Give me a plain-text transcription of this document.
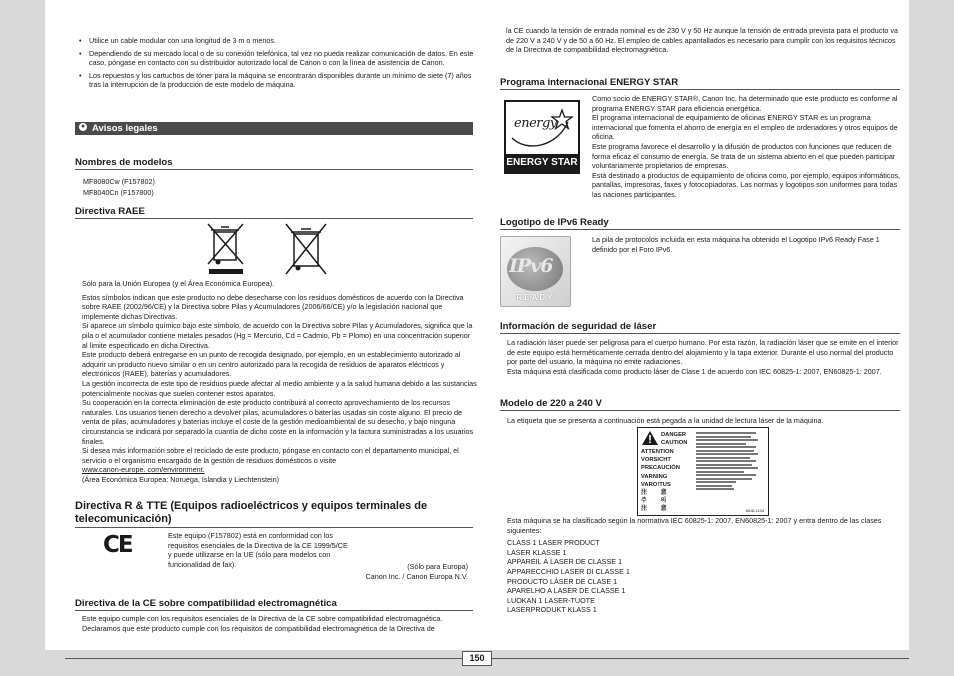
• Utilice un cable modular con una longitud de 3 m o menos.
• Dependiendo de su mercado local o de su conexión telefónica, tal vez no pueda realizar comunicación de datos. En este caso, póngase en contacto con su distribuidor autorizado local de Canon o con la línea de asistencia de Canon.
• Los repuestos y los cartuchos de tóner para la máquina se encontrarán disponibles durante un mínimo de siete (7) años tras la interrupción de la producción de este modelo de máquina.
● Avisos legales
Nombres de modelos
MF8080Cw (F157802)
MF8040Cn (F157800)
Directiva RAEE

Sólo para la Unión Europea (y el Área Económica Europea).

Estos símbolos indican que este producto no debe desecharse con los residuos domésticos de acuerdo con la Directiva sobre RAEE (2002/96/CE) y la Directiva sobre Pilas y Acumuladores (2006/66/CE) y/o la legislación nacional que implemente dichas Directivas.

Si aparece un símbolo químico bajo este símbolo, de acuerdo con la Directiva sobre Pilas y Acumuladores, significa que la pila o el acumulador contiene metales pesados (Hg = Mercurio, Cd = Cadmio, Pb = Plomo) en una concentración superior al límite especificado en dicha Directiva.

Este producto deberá entregarse en un punto de recogida designado, por ejemplo, en un establecimiento autorizado al adquirir un producto nuevo similar o en un centro autorizado para la recogida de residuos de aparatos eléctricos y electrónicos (RAEE), baterías y acumuladores.

La gestión incorrecta de este tipo de residuos puede afectar al medio ambiente y a la salud humana debido a las sustancias potencialmente nocivas que suelen contener estos aparatos.

Su cooperación en la correcta eliminación de este producto contribuirá al correcto aprovechamiento de los recursos naturales. Los usuarios tienen derecho a devolver pilas, acumuladores o baterías usadas sin coste alguno. El precio de venta de pilas, acumuladores y baterías incluye el coste de la gestión medioambiental de su desecho, y bajo ninguna circunstancia se indicará por separado la cuantía de dicho coste en la información y la factura suministradas a los usuarios finales.

Si desea más información sobre el reciclado de este producto, póngase en contacto con el departamento municipal, el servicio o el organismo encargado de la gestión de residuos domésticos o visite

www.canon-europe. com/environment.

(Área Económica Europea: Noruega, Islandia y Liechtenstein)

Directiva R & TTE (Equipos radioeléctricos y equipos terminales de telecomunicación)
CE	Este equipo (F157802) está en conformidad con los requisitos esenciales de la Directiva de la CE 1999/5/CE y puede utilizarse en la UE (sólo para modelos con funcionalidad de fax).	(Sólo para Europa)
Canon Inc. / Canon Europa N.V.
Directiva de la CE sobre compatibilidad electromagnética
Este equipo cumple con los requisitos esenciales de la Directiva de la CE sobre compatibilidad electromagnética. Declaramos que este producto cumple con los requisitos de compatibilidad electromagnética de la Directiva de
la CE cuando la tensión de entrada nominal es de 230 V y 50 Hz aunque la tensión de entrada prevista para el producto va de 220 V a 240 V y de 50 a 60 Hz. El empleo de cables apantallados es necesario para cumplir con los requisitos técnicos de la Directiva de compatibilidad electromagnética.
Programa internacional ENERGY STAR
energy
ENERGY STAR

Como socio de ENERGY STAR®, Canon Inc. ha determinado que este producto es conforme al programa ENERGY STAR para eficiencia energética.

El programa internacional de equipamiento de oficinas ENERGY STAR es un programa internacional que fomenta el ahorro de energía en el empleo de ordenadores y otros equipos de oficina.

Este programa favorece el desarrollo y la difusión de productos con funciones que reducen de forma eficaz el consumo de energía. Se trata de un sistema abierto en el que pueden participar voluntariamente propietarios de empresas.

Está destinado a productos de equipamiento de oficina como, por ejemplo, equipos informáticos, pantallas, impresoras, faxes y fotocopiadoras. Las normas y logotipos son uniformes para todas las naciones participantes.

Logotipo de IPv6 Ready
IPv6
READY
La pila de protocolos incluida en esta máquina ha obtenido el Logotipo IPv6 Ready Fase 1 definido por el Foro IPv6.
Información de seguridad de láser

La radiación láser puede ser peligrosa para el cuerpo humano. Por esta razón, la radiación láser que se emite en el interior de este equipo está herméticamente cerrada dentro del alojamiento y la tapa exterior. Durante el uso normal del producto por parte del usuario, la máquina no emite radiaciones.

Esta máquina está clasificada como producto láser de Clase 1 de acuerdo con IEC 60825-1: 2007, EN60825-1: 2007.

Modelo de 220 a 240 V
La etiqueta que se presenta a continuación está pegada a la unidad de lectura láser de la máquina.
DANGER
CAUTION
ATTENTION
VORSICHT
PRECAUCIÓN
VARNING
VARO!TUS
注 意
주 의
注 意	MU8-1134

Esta máquina se ha clasificado según la normativa IEC 60825-1: 2007, EN60825-1: 2007 y entra dentro de las clases siguientes:

CLASS 1 LASER PRODUCT
LASER KLASSE 1
APPAREIL À LASER DE CLASSE 1
APPARECCHIO LASER DI CLASSE 1
PRODUCTO LÁSER DE CLASE 1
APARELHO A LASER DE CLASSE 1
LUOKAN 1 LASER-TUOTE
LASERPRODUKT KLASS 1
150
